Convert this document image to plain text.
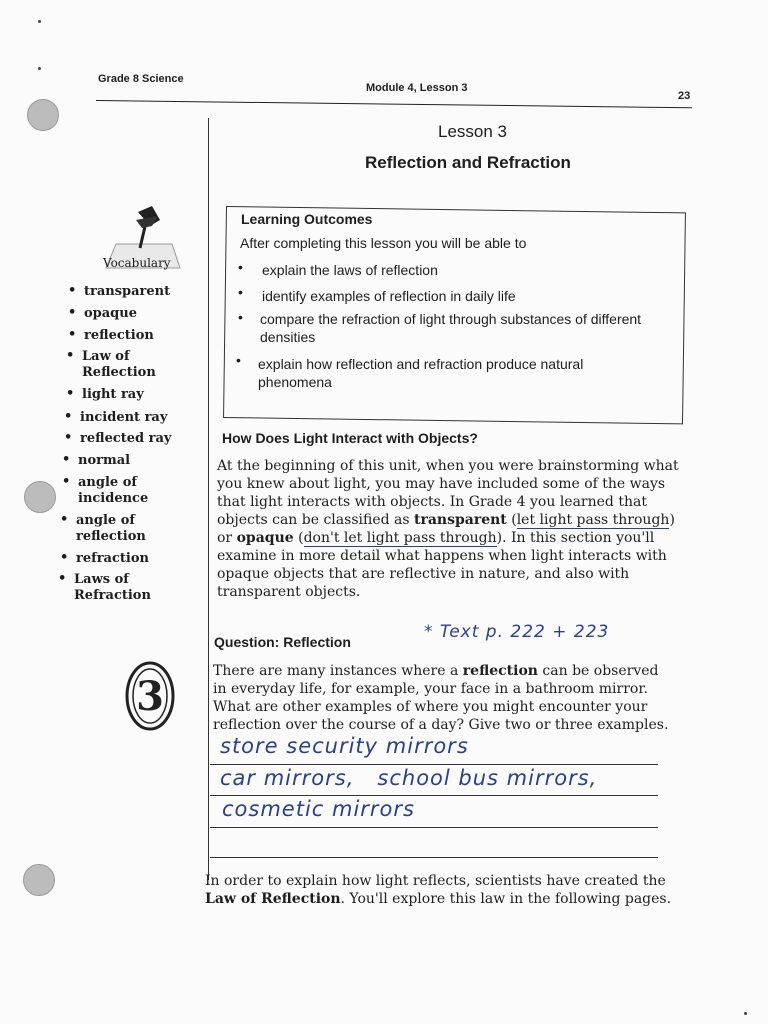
Grade 8 Science
Module 4, Lesson 3
23
Lesson 3
Reflection and Refraction
Learning Outcomes
After completing this lesson you will be able to
• explain the laws of reflection
• identify examples of reflection in daily life
• compare the refraction of light through substances of different densities
• explain how reflection and refraction produce natural phenomena
Vocabulary
• transparent
• opaque
• reflection
• Law of Reflection
• light ray
• incident ray
• reflected ray
• normal
• angle of incidence
• angle of reflection
• refraction
• Laws of Refraction
How Does Light Interact with Objects?
At the beginning of this unit, when you were brainstorming what you knew about light, you may have included some of the ways that light interacts with objects. In Grade 4 you learned that objects can be classified as transparent (let light pass through) or opaque (don't let light pass through). In this section you'll examine in more detail what happens when light interacts with opaque objects that are reflective in nature, and also with transparent objects.
Question: Reflection	* Text p. 222 + 223
3
There are many instances where a reflection can be observed in everyday life, for example, your face in a bathroom mirror. What are other examples of where you might encounter your reflection over the course of a day? Give two or three examples.
store security mirrors
car mirrors,   school bus mirrors,
cosmetic mirrors
In order to explain how light reflects, scientists have created the Law of Reflection. You'll explore this law in the following pages.
